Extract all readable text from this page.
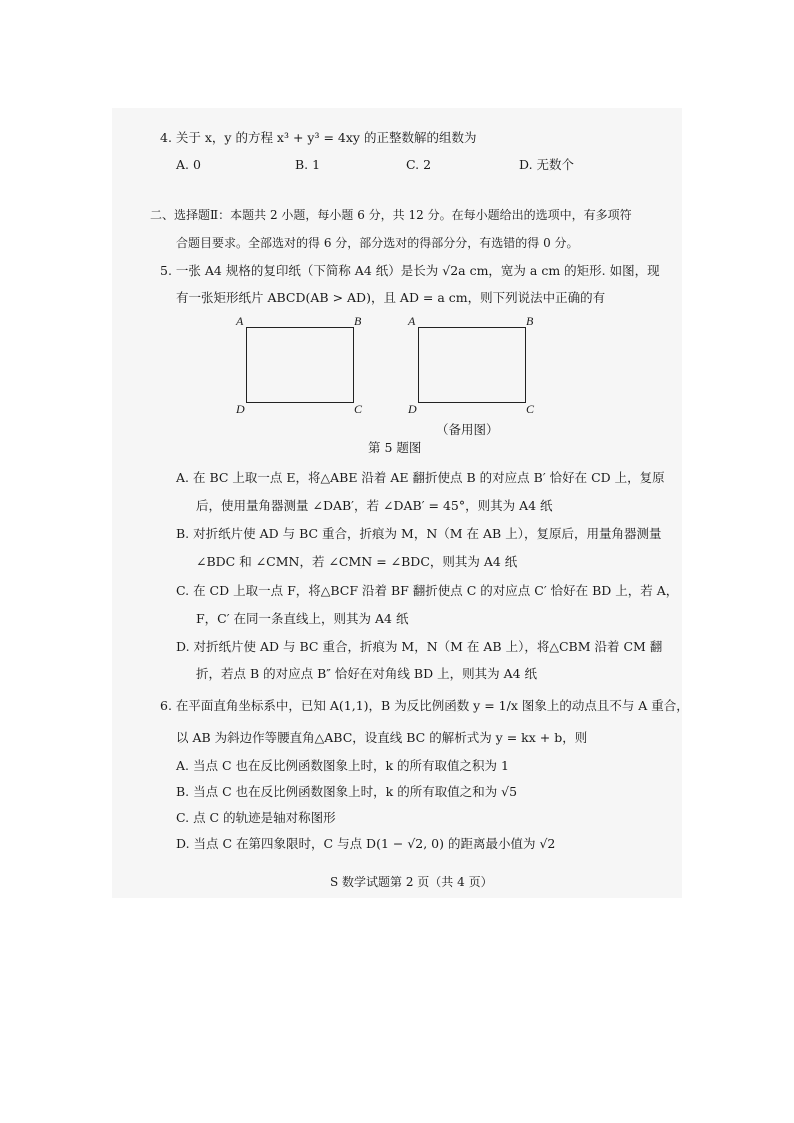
4. 关于 x，y 的方程 x³ + y³ = 4xy 的正整数解的组数为
A. 0	B. 1	C. 2	D. 无数个
二、选择题Ⅱ：本题共 2 小题，每小题 6 分，共 12 分。在每小题给出的选项中，有多项符
合题目要求。全部选对的得 6 分，部分选对的得部分分，有选错的得 0 分。
5. 一张 A4 规格的复印纸（下简称 A4 纸）是长为 √2a cm，宽为 a cm 的矩形. 如图，现
有一张矩形纸片 ABCD(AB > AD)，且 AD = a cm，则下列说法中正确的有
A	B
D	C
A	B
D	C
（备用图）
第 5 题图
A. 在 BC 上取一点 E，将△ABE 沿着 AE 翻折使点 B 的对应点 B′ 恰好在 CD 上，复原
后，使用量角器测量 ∠DAB′，若 ∠DAB′ = 45°，则其为 A4 纸
B. 对折纸片使 AD 与 BC 重合，折痕为 M，N（M 在 AB 上），复原后，用量角器测量
∠BDC 和 ∠CMN，若 ∠CMN = ∠BDC，则其为 A4 纸
C. 在 CD 上取一点 F，将△BCF 沿着 BF 翻折使点 C 的对应点 C′ 恰好在 BD 上，若 A，
F，C′ 在同一条直线上，则其为 A4 纸
D. 对折纸片使 AD 与 BC 重合，折痕为 M，N（M 在 AB 上），将△CBM 沿着 CM 翻
折，若点 B 的对应点 B″ 恰好在对角线 BD 上，则其为 A4 纸
6. 在平面直角坐标系中，已知 A(1,1)，B 为反比例函数 y = 1/x 图象上的动点且不与 A 重合，
以 AB 为斜边作等腰直角△ABC，设直线 BC 的解析式为 y = kx + b，则
A. 当点 C 也在反比例函数图象上时，k 的所有取值之积为 1
B. 当点 C 也在反比例函数图象上时，k 的所有取值之和为 √5
C. 点 C 的轨迹是轴对称图形
D. 当点 C 在第四象限时，C 与点 D(1 − √2, 0) 的距离最小值为 √2
S 数学试题第 2 页（共 4 页）
